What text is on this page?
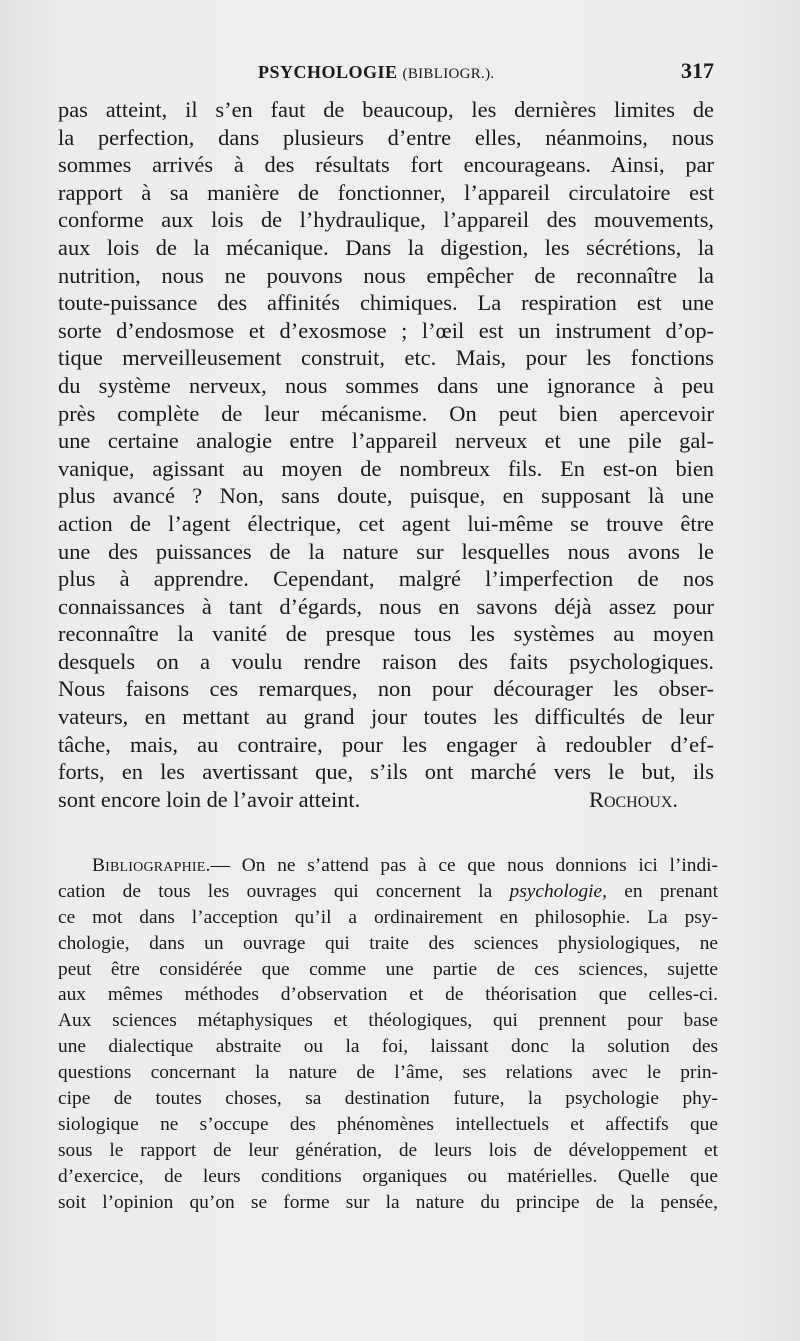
PSYCHOLOGIE (BIBLIOGR.).	317
pas atteint, il s’en faut de beaucoup, les dernières limites de
la perfection, dans plusieurs d’entre elles, néanmoins, nous
sommes arrivés à des résultats fort encourageans. Ainsi, par
rapport à sa manière de fonctionner, l’appareil circulatoire est
conforme aux lois de l’hydraulique, l’appareil des mouvements,
aux lois de la mécanique. Dans la digestion, les sécrétions, la
nutrition, nous ne pouvons nous empêcher de reconnaître la
toute-puissance des affinités chimiques. La respiration est une
sorte d’endosmose et d’exosmose ; l’œil est un instrument d’op-
tique merveilleusement construit, etc. Mais, pour les fonctions
du système nerveux, nous sommes dans une ignorance à peu
près complète de leur mécanisme. On peut bien apercevoir
une certaine analogie entre l’appareil nerveux et une pile gal-
vanique, agissant au moyen de nombreux fils. En est-on bien
plus avancé ? Non, sans doute, puisque, en supposant là une
action de l’agent électrique, cet agent lui-même se trouve être
une des puissances de la nature sur lesquelles nous avons le
plus à apprendre. Cependant, malgré l’imperfection de nos
connaissances à tant d’égards, nous en savons déjà assez pour
reconnaître la vanité de presque tous les systèmes au moyen
desquels on a voulu rendre raison des faits psychologiques.
Nous faisons ces remarques, non pour décourager les obser-
vateurs, en mettant au grand jour toutes les difficultés de leur
tâche, mais, au contraire, pour les engager à redoubler d’ef-
forts, en les avertissant que, s’ils ont marché vers le but, ils
sont encore loin de l’avoir atteint.	Rochoux.
Bibliographie.— On ne s’attend pas à ce que nous donnions ici l’indi-
cation de tous les ouvrages qui concernent la psychologie, en prenant
ce mot dans l’acception qu’il a ordinairement en philosophie. La psy-
chologie, dans un ouvrage qui traite des sciences physiologiques, ne
peut être considérée que comme une partie de ces sciences, sujette
aux mêmes méthodes d’observation et de théorisation que celles-ci.
Aux sciences métaphysiques et théologiques, qui prennent pour base
une dialectique abstraite ou la foi, laissant donc la solution des
questions concernant la nature de l’âme, ses relations avec le prin-
cipe de toutes choses, sa destination future, la psychologie phy-
siologique ne s’occupe des phénomènes intellectuels et affectifs que
sous le rapport de leur génération, de leurs lois de développement et
d’exercice, de leurs conditions organiques ou matérielles. Quelle que
soit l’opinion qu’on se forme sur la nature du principe de la pensée,
